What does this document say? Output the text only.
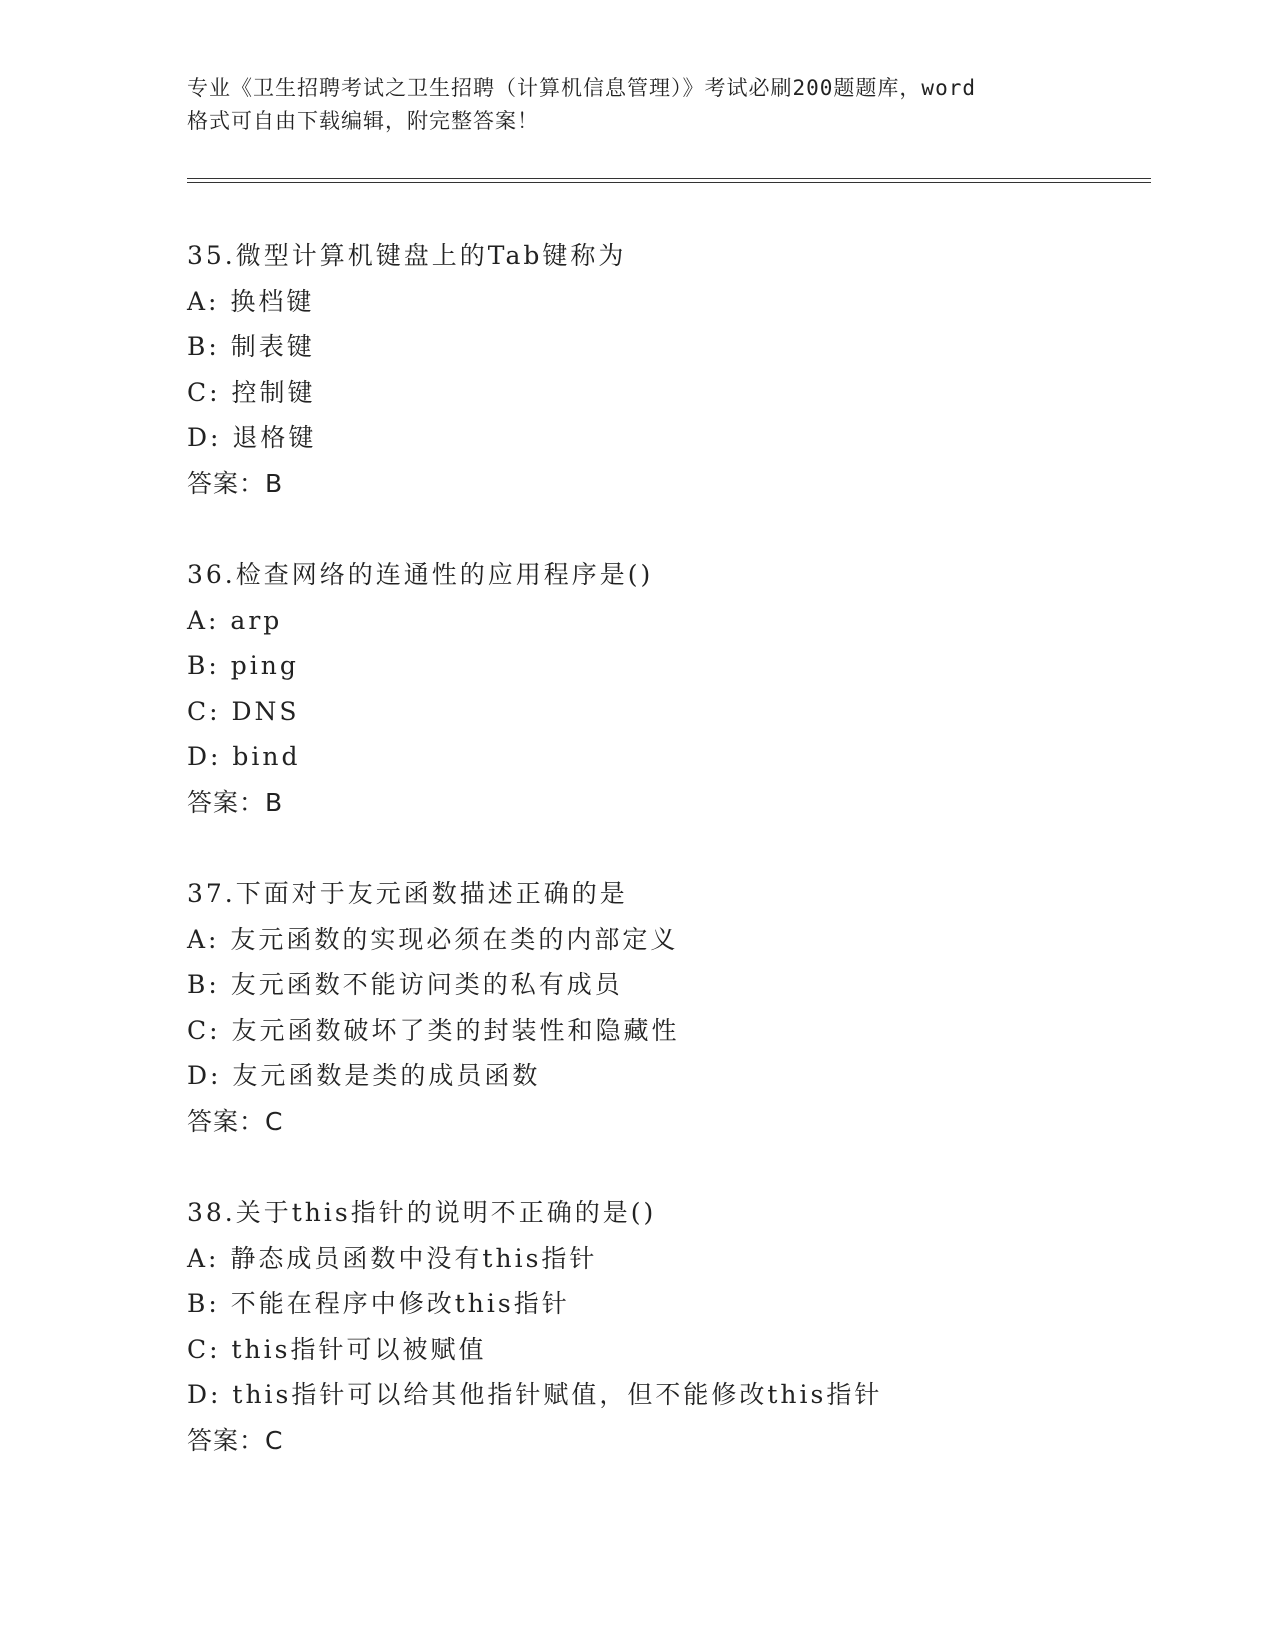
专业《卫生招聘考试之卫生招聘（计算机信息管理）》考试必刷200题题库，word
格式可自由下载编辑，附完整答案！
35.微型计算机键盘上的Tab键称为
A: 换档键
B: 制表键
C: 控制键
D: 退格键
答案：B
36.检查网络的连通性的应用程序是()
A: arp
B: ping
C: DNS
D: bind
答案：B
37.下面对于友元函数描述正确的是
A: 友元函数的实现必须在类的内部定义
B: 友元函数不能访问类的私有成员
C: 友元函数破坏了类的封装性和隐藏性
D: 友元函数是类的成员函数
答案：C
38.关于this指针的说明不正确的是()
A: 静态成员函数中没有this指针
B: 不能在程序中修改this指针
C: this指针可以被赋值
D: this指针可以给其他指针赋值，但不能修改this指针
答案：C
